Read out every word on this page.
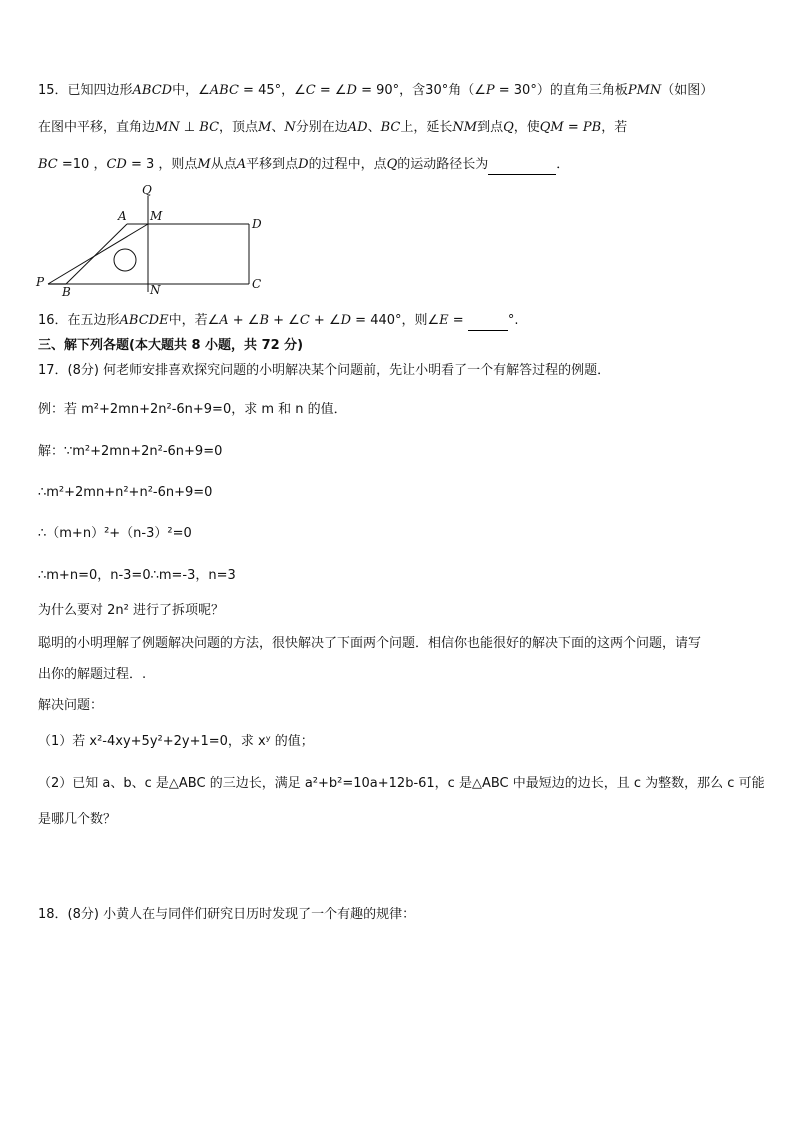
15．已知四边形ABCD中，∠ABC = 45°，∠C = ∠D = 90°，含30°角（∠P = 30°）的直角三角板PMN（如图）
在图中平移，直角边MN ⊥ BC，顶点M、N分别在边AD、BC上，延长NM到点Q，使QM = PB，若
BC =10 ，CD = 3 ，则点M从点A平移到点D的过程中，点Q的运动路径长为	．
Q
A M
D
P
B	N	C
16．在五边形ABCDE中，若∠A + ∠B + ∠C + ∠D = 440°，则∠E =	°.
三、解下列各题(本大题共 8 小题，共 72 分)
17．(8分) 何老师安排喜欢探究问题的小明解决某个问题前，先让小明看了一个有解答过程的例题．
例：若 m²+2mn+2n²-6n+9=0，求 m 和 n 的值．
解：∵m²+2mn+2n²-6n+9=0
∴m²+2mn+n²+n²-6n+9=0
∴（m+n）²+（n-3）²=0
∴m+n=0，n-3=0∴m=-3，n=3
为什么要对 2n² 进行了拆项呢？
聪明的小明理解了例题解决问题的方法，很快解决了下面两个问题．相信你也能很好的解决下面的这两个问题，请写
出你的解题过程．.
解决问题：
（1）若 x²-4xy+5y²+2y+1=0，求 xʸ 的值；
（2）已知 a、b、c 是△ABC 的三边长，满足 a²+b²=10a+12b-61，c 是△ABC 中最短边的边长，且 c 为整数，那么 c 可能
是哪几个数？
18．(8分) 小黄人在与同伴们研究日历时发现了一个有趣的规律：
